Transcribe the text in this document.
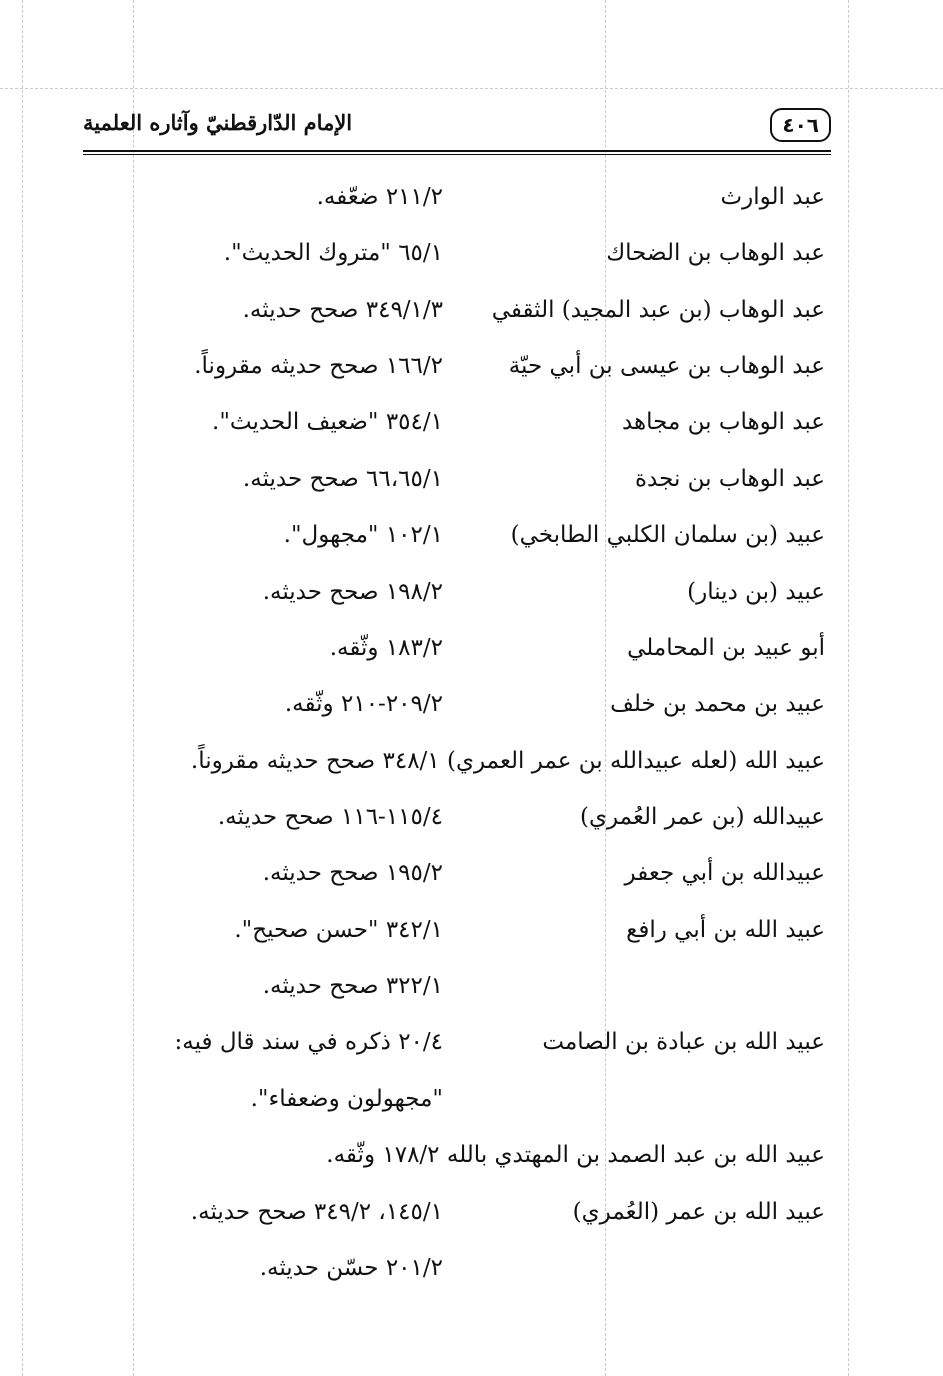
٤٠٦
الإمام الدّارقطنيّ وآثاره العلمية
عبد الوارث
٢١١/٢ ضعّفه.
عبد الوهاب بن الضحاك
٦٥/١ "متروك الحديث".
عبد الوهاب (بن عبد المجيد) الثقفي
٣٤٩/١/٣ صحح حديثه.
عبد الوهاب بن عيسى بن أبي حيّة
١٦٦/٢ صحح حديثه مقروناً.
عبد الوهاب بن مجاهد
٣٥٤/١ "ضعيف الحديث".
عبد الوهاب بن نجدة
٦٦،٦٥/١ صحح حديثه.
عبيد (بن سلمان الكلبي الطابخي)
١٠٢/١ "مجهول".
عبيد (بن دينار)
١٩٨/٢ صحح حديثه.
أبو عبيد بن المحاملي
١٨٣/٢ وثّقه.
عبيد بن محمد بن خلف
٢٠٩/٢-٢١٠ وثّقه.
عبيد الله (لعله عبيدالله بن عمر العمري) ٣٤٨/١ صحح حديثه مقروناً.
عبيدالله (بن عمر العُمري)
١١٥/٤-١١٦ صحح حديثه.
عبيدالله بن أبي جعفر
١٩٥/٢ صحح حديثه.
عبيد الله بن أبي رافع
٣٤٢/١ "حسن صحيح".
٣٢٢/١ صحح حديثه.
عبيد الله بن عبادة بن الصامت
٢٠/٤ ذكره في سند قال فيه:
"مجهولون وضعفاء".
عبيد الله بن عبد الصمد بن المهتدي بالله ١٧٨/٢ وثّقه.
عبيد الله بن عمر (العُمري)
١٤٥/١، ٣٤٩/٢ صحح حديثه.
٢٠١/٢ حسّن حديثه.
